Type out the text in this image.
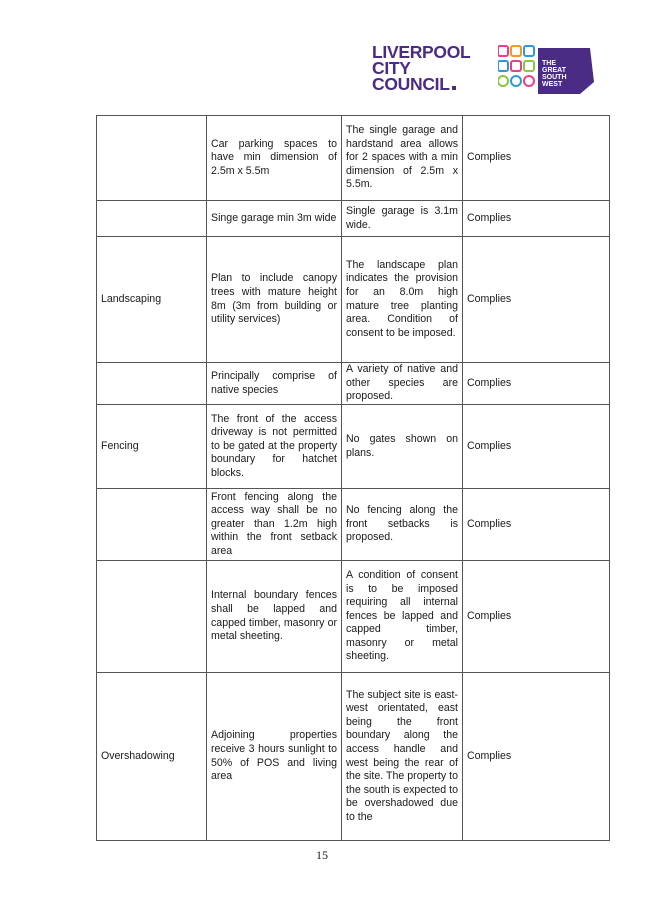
LIVERPOOL
CITY
COUNCIL
THE
GREAT
SOUTH
WEST
	Car parking spaces to have min dimension of 2.5m x 5.5m	The single garage and hardstand area allows for 2 spaces with a min dimension of 2.5m x 5.5m.	Complies
	Singe garage min 3m wide	Single garage is 3.1m wide.	Complies
Landscaping	Plan to include canopy trees with mature height 8m (3m from building or utility services)	The landscape plan indicates the provision for an 8.0m high mature tree planting area. Condition of consent to be imposed.	Complies
	Principally comprise of native species	A variety of native and other species are proposed.	Complies
Fencing	The front of the access driveway is not permitted to be gated at the property boundary for hatchet blocks.	No gates shown on plans.	Complies
	Front fencing along the access way shall be no greater than 1.2m high within the front setback area	No fencing along the front setbacks is proposed.	Complies
	Internal boundary fences shall be lapped and capped timber, masonry or metal sheeting.	A condition of consent is to be imposed requiring all internal fences be lapped and capped timber, masonry or metal sheeting.	Complies
Overshadowing	Adjoining properties receive 3 hours sunlight to 50% of POS and living area	The subject site is east-west orientated, east being the front boundary along the access handle and west being the rear of the site. The property to the south is expected to be overshadowed due to the	Complies
15
